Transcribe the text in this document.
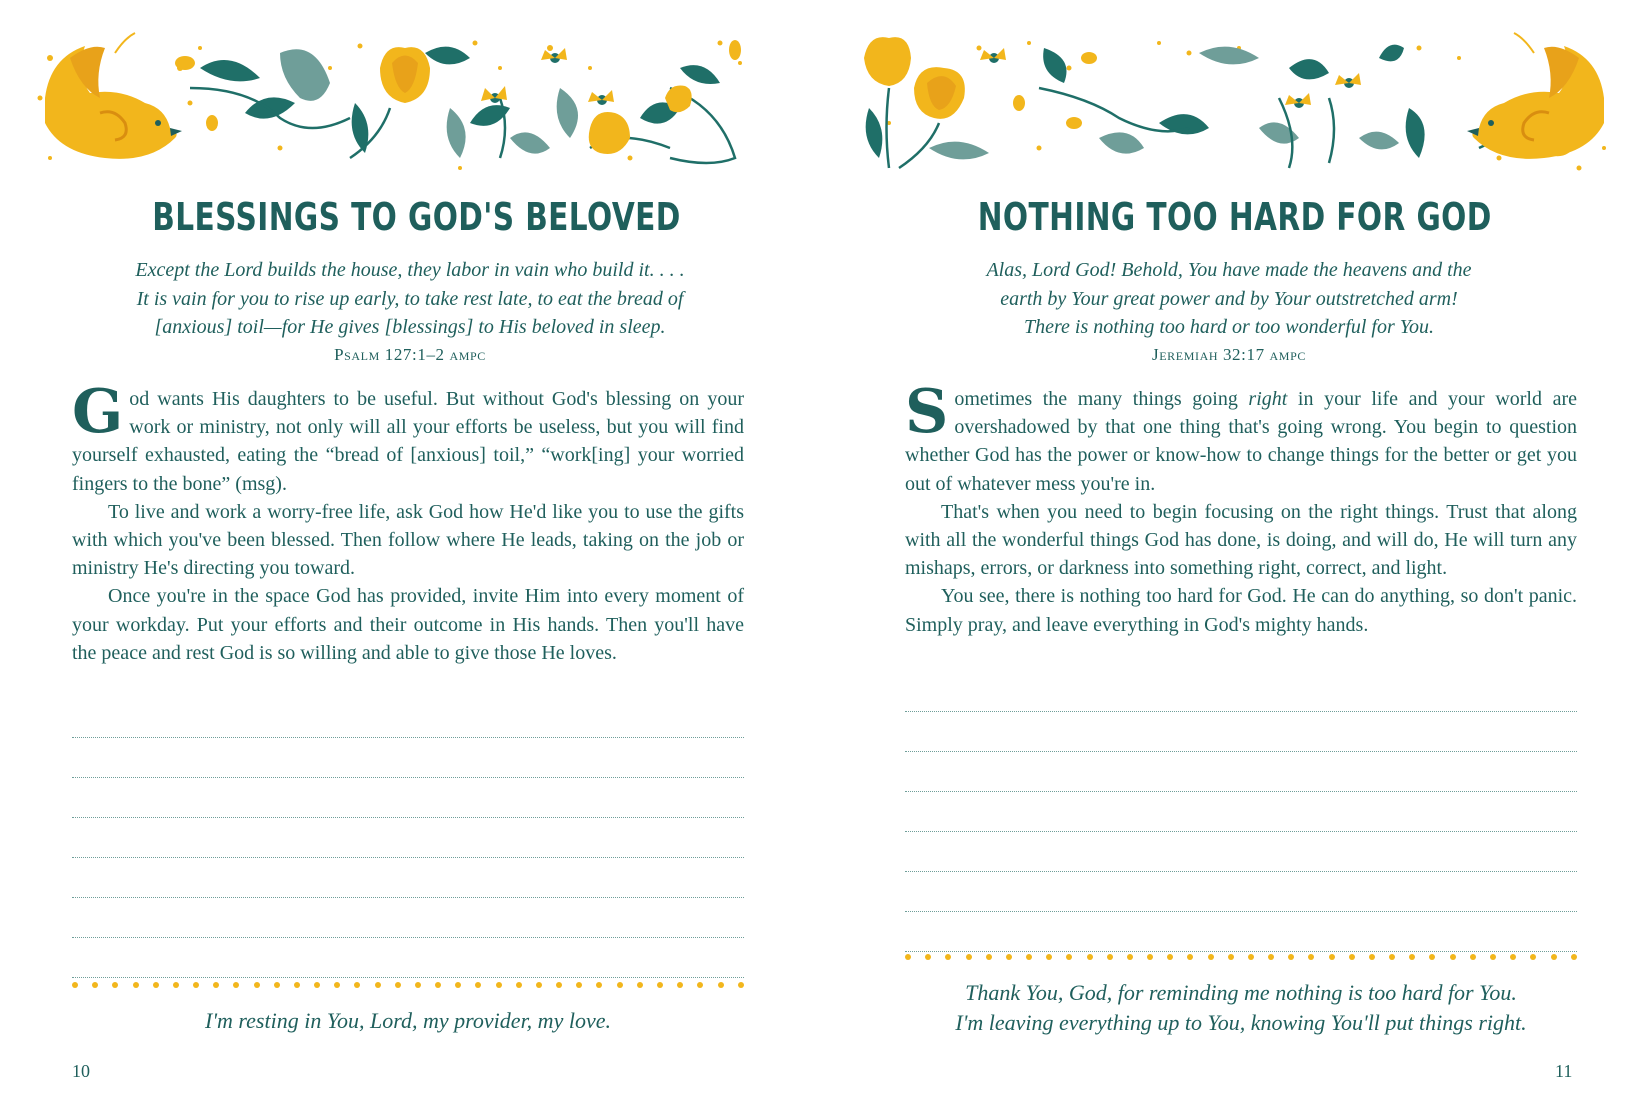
BLESSINGS TO GOD'S BELOVED
Except the Lord builds the house, they labor in vain who build it. . . .
It is vain for you to rise up early, to take rest late, to eat the bread of
[anxious] toil—for He gives [blessings] to His beloved in sleep.
Psalm 127:1–2 ampc

God wants His daughters to be useful. But without God's blessing on your work or ministry, not only will all your efforts be useless, but you will find yourself exhausted, eating the “bread of [anxious] toil,” “work[ing] your worried fingers to the bone” (msg).

To live and work a worry-free life, ask God how He'd like you to use the gifts with which you've been blessed. Then follow where He leads, taking on the job or ministry He's directing you toward.

Once you're in the space God has provided, invite Him into every moment of your workday. Put your efforts and their outcome in His hands. Then you'll have the peace and rest God is so willing and able to give those He loves.

I'm resting in You, Lord, my provider, my love.
10
NOTHING TOO HARD FOR GOD
Alas, Lord God! Behold, You have made the heavens and the
earth by Your great power and by Your outstretched arm!
There is nothing too hard or too wonderful for You.
Jeremiah 32:17 ampc

Sometimes the many things going right in your life and your world are overshadowed by that one thing that's going wrong. You begin to question whether God has the power or know-how to change things for the better or get you out of whatever mess you're in.

That's when you need to begin focusing on the right things. Trust that along with all the wonderful things God has done, is doing, and will do, He will turn any mishaps, errors, or darkness into something right, correct, and light.

You see, there is nothing too hard for God. He can do anything, so don't panic. Simply pray, and leave everything in God's mighty hands.

Thank You, God, for reminding me nothing is too hard for You.
I'm leaving everything up to You, knowing You'll put things right.
11
